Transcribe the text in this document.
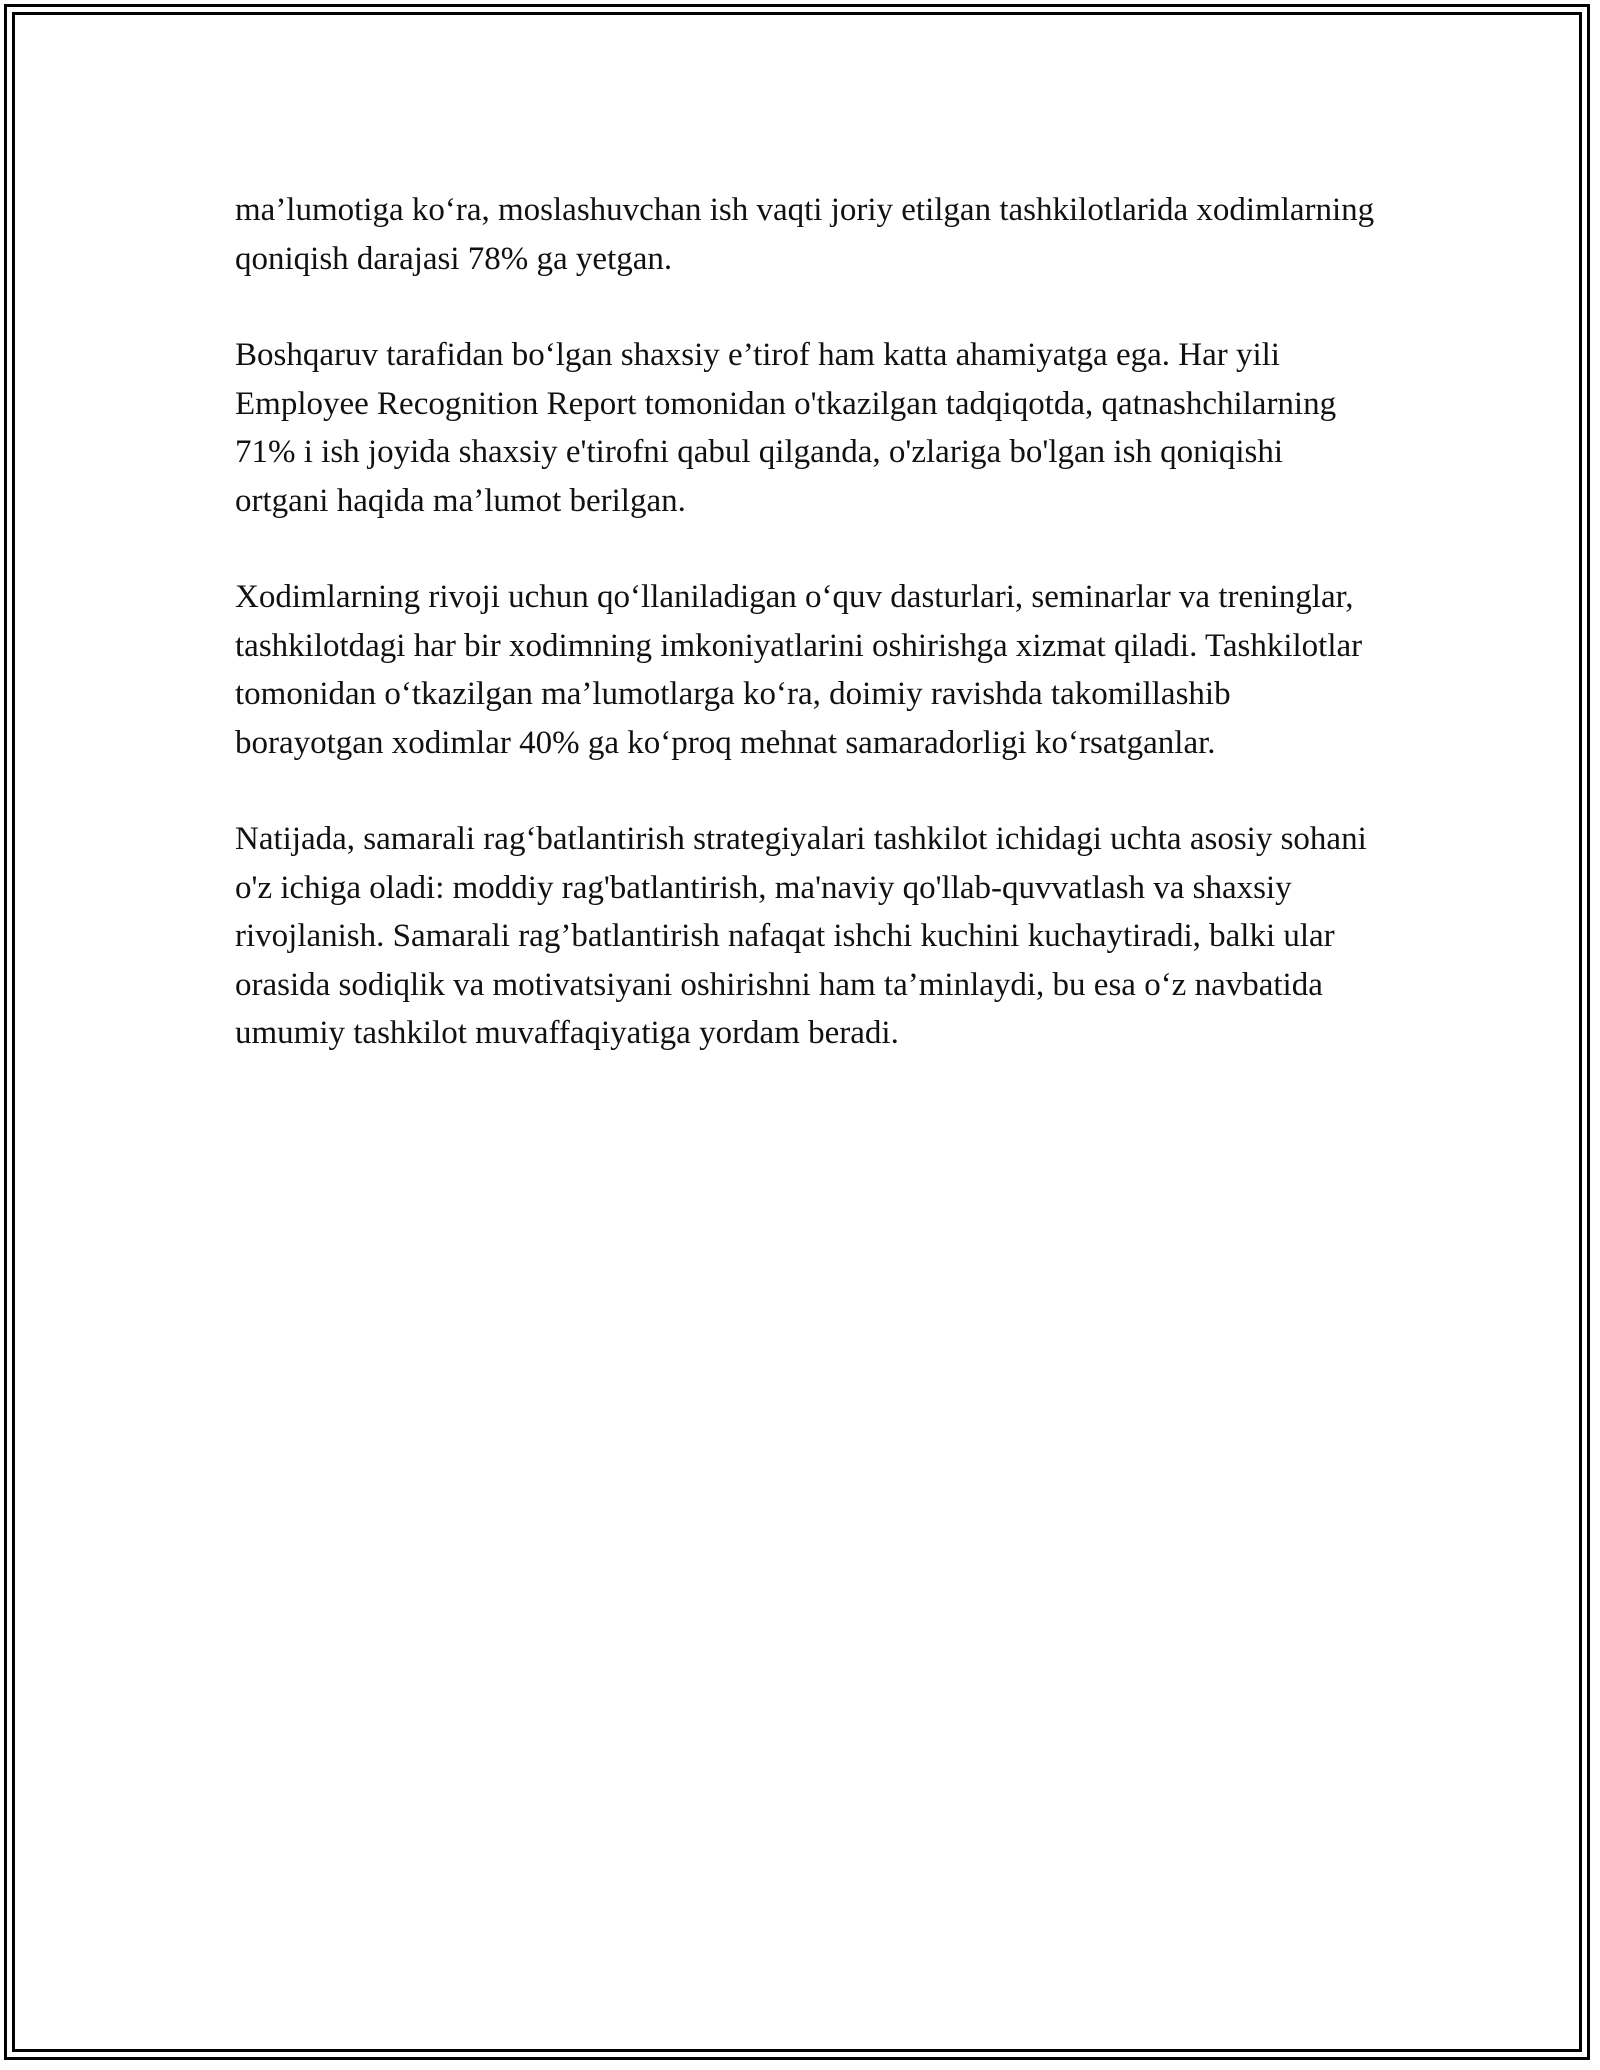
ma’lumotiga ko‘ra, moslashuvchan ish vaqti joriy etilgan tashkilotlarida xodimlarning qoniqish darajasi 78% ga yetgan.

Boshqaruv tarafidan bo‘lgan shaxsiy e’tirof ham katta ahamiyatga ega. Har yili Employee Recognition Report tomonidan o'tkazilgan tadqiqotda, qatnashchilarning 71% i ish joyida shaxsiy e'tirofni qabul qilganda, o'zlariga bo'lgan ish qoniqishi ortgani haqida ma’lumot berilgan.

Xodimlarning rivoji uchun qo‘llaniladigan o‘quv dasturlari, seminarlar va treninglar, tashkilotdagi har bir xodimning imkoniyatlarini oshirishga xizmat qiladi. Tashkilotlar tomonidan o‘tkazilgan ma’lumotlarga ko‘ra, doimiy ravishda takomillashib borayotgan xodimlar 40% ga ko‘proq mehnat samaradorligi ko‘rsatganlar.

Natijada, samarali rag‘batlantirish strategiyalari tashkilot ichidagi uchta asosiy sohani o'z ichiga oladi: moddiy rag'batlantirish, ma'naviy qo'llab-quvvatlash va shaxsiy rivojlanish. Samarali rag’batlantirish nafaqat ishchi kuchini kuchaytiradi, balki ular orasida sodiqlik va motivatsiyani oshirishni ham ta’minlaydi, bu esa o‘z navbatida umumiy tashkilot muvaffaqiyatiga yordam beradi.
